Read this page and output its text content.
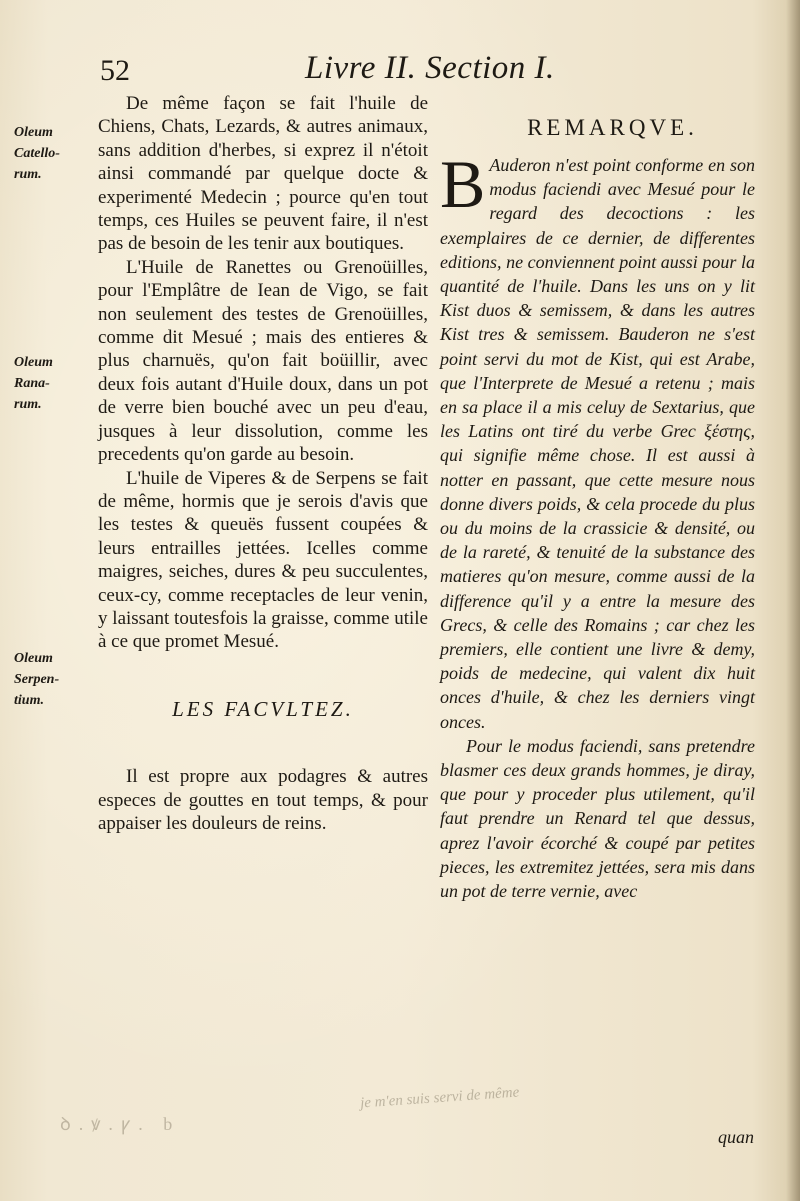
52	Livre II. Section I.
Oleum
Catello-
rum.
Oleum
Rana-
rum.
Oleum
Serpen-
tium.

De même façon se fait l'huile de Chiens, Chats, Lezards, & autres animaux, sans addition d'herbes, si exprez il n'étoit ainsi commandé par quelque docte & experimenté Medecin ; pource qu'en tout temps, ces Huiles se peuvent faire, il n'est pas de besoin de les tenir aux boutiques.

L'Huile de Ranettes ou Grenoüilles, pour l'Emplâtre de Iean de Vigo, se fait non seulement des testes de Grenoüilles, comme dit Mesué ; mais des entieres & plus charnuës, qu'on fait boüillir, avec deux fois autant d'Huile doux, dans un pot de verre bien bouché avec un peu d'eau, jusques à leur dissolution, comme les precedents qu'on garde au besoin.

L'huile de Viperes & de Serpens se fait de même, hormis que je serois d'avis que les testes & queuës fussent coupées & leurs entrailles jettées. Icelles comme maigres, seiches, dures & peu succulentes, ceux-cy, comme receptacles de leur venin, y laissant toutesfois la graisse, comme utile à ce que promet Mesué.

LES FACVLTEZ.

Il est propre aux podagres & autres especes de gouttes en tout temps, & pour appaiser les douleurs de reins.

REMARQVE.

B Auderon n'est point conforme en son modus faciendi avec Mesué pour le regard des decoctions : les exemplaires de ce dernier, de differentes editions, ne conviennent point aussi pour la quantité de l'huile. Dans les uns on y lit Kist duos & semissem, & dans les autres Kist tres & semissem. Bauderon ne s'est point servi du mot de Kist, qui est Arabe, que l'Interprete de Mesué a retenu ; mais en sa place il a mis celuy de Sextarius, que les Latins ont tiré du verbe Grec ξέστης, qui signifie même chose. Il est aussi à notter en passant, que cette mesure nous donne divers poids, & cela procede du plus ou du moins de la crassicie & densité, ou de la rareté, & tenuité de la substance des matieres qu'on mesure, comme aussi de la difference qu'il y a entre la mesure des Grecs, & celle des Romains ; car chez les premiers, elle contient une livre & demy, poids de medecine, qui valent dix huit onces d'huile, & chez les derniers vingt onces.

Pour le modus faciendi, sans pretendre blasmer ces deux grands hommes, je diray, que pour y proceder plus utilement, qu'il faut prendre un Renard tel que dessus, aprez l'avoir écorché & coupé par petites pieces, les extremitez jettées, sera mis dans un pot de terre vernie, avec

quan
je m'en suis servi de même
ꝺ.ꝟ.ꝩ. b
